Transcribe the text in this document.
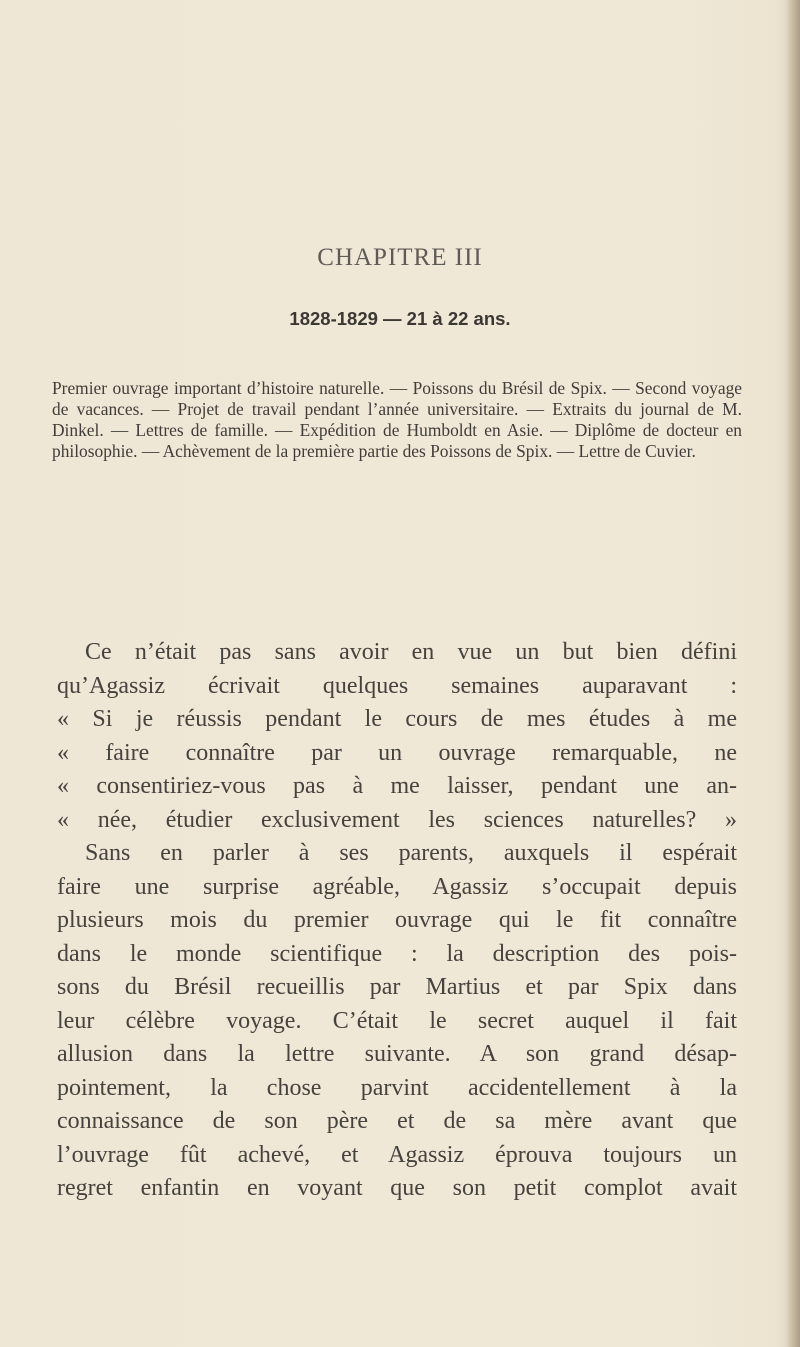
CHAPITRE III
1828-1829 — 21 à 22 ans.

Premier ouvrage important d’histoire naturelle. — Poissons du Brésil de Spix. — Second voyage de vacances. — Projet de travail pendant l’année universitaire. — Extraits du journal de M. Dinkel. — Lettres de famille. — Expédition de Humboldt en Asie. — Diplôme de docteur en philosophie. — Achèvement de la première partie des Poissons de Spix. — Lettre de Cuvier.

Ce n’était pas sans avoir en vue un but bien défini
qu’Agassiz écrivait quelques semaines auparavant :
« Si je réussis pendant le cours de mes études à me
« faire connaître par un ouvrage remarquable, ne
« consentiriez-vous pas à me laisser, pendant une an-
« née, étudier exclusivement les sciences naturelles? »
Sans en parler à ses parents, auxquels il espérait
faire une surprise agréable, Agassiz s’occupait depuis
plusieurs mois du premier ouvrage qui le fit connaître
dans le monde scientifique : la description des pois-
sons du Brésil recueillis par Martius et par Spix dans
leur célèbre voyage. C’était le secret auquel il fait
allusion dans la lettre suivante. A son grand désap-
pointement, la chose parvint accidentellement à la
connaissance de son père et de sa mère avant que
l’ouvrage fût achevé, et Agassiz éprouva toujours un
regret enfantin en voyant que son petit complot avait
